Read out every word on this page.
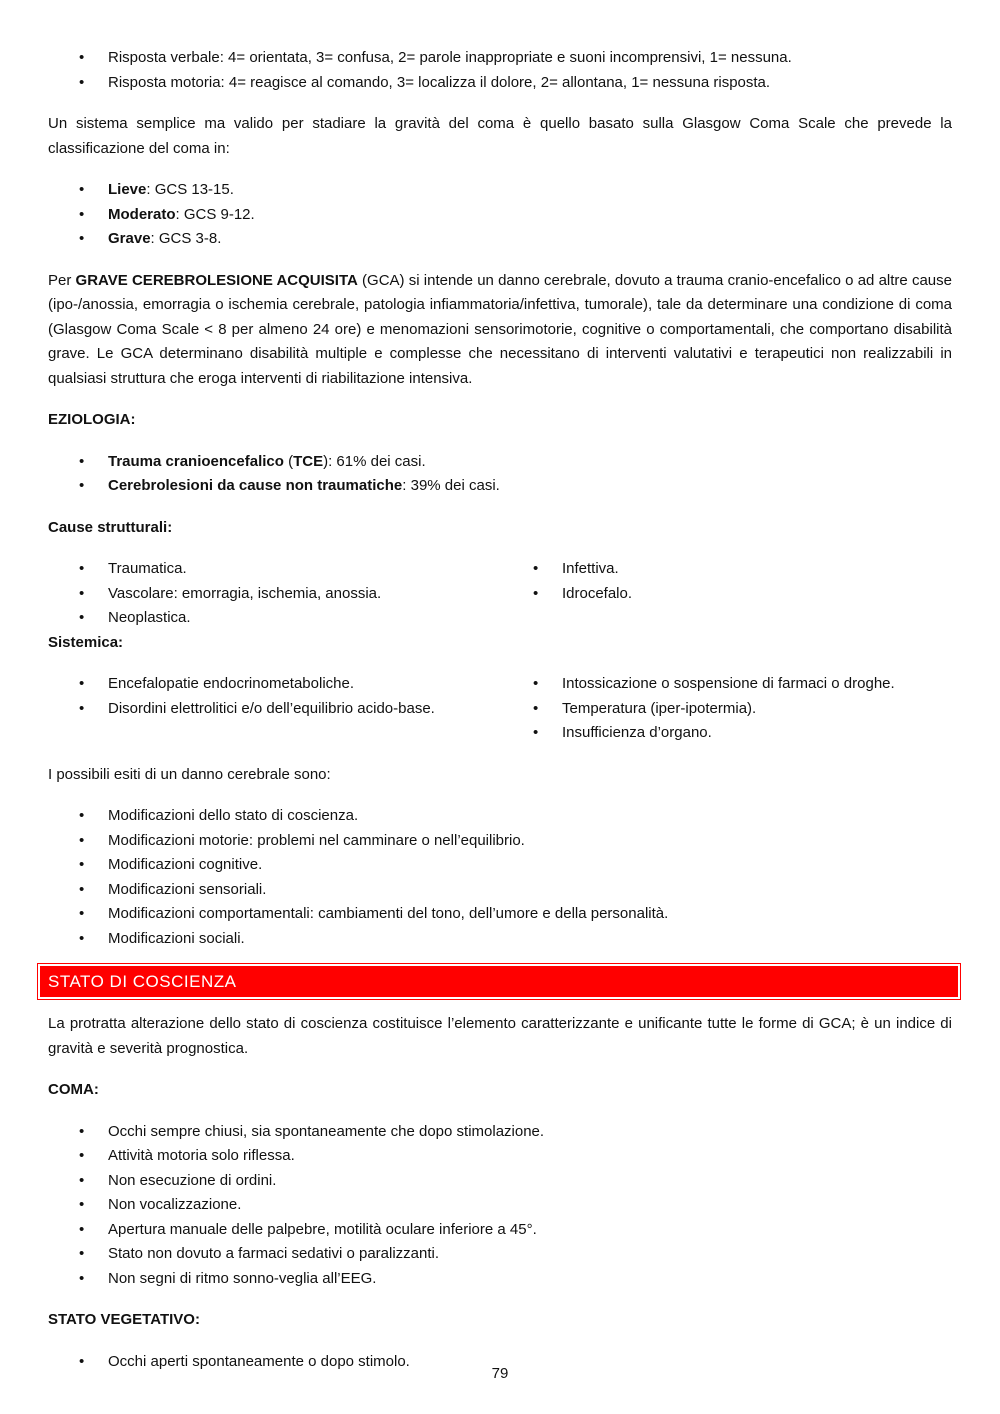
• Risposta verbale: 4= orientata, 3= confusa, 2= parole inappropriate e suoni incomprensivi, 1= nessuna.
• Risposta motoria: 4= reagisce al comando, 3= localizza il dolore, 2= allontana, 1= nessuna risposta.

Un sistema semplice ma valido per stadiare la gravità del coma è quello basato sulla Glasgow Coma Scale che prevede la classificazione del coma in:

• Lieve: GCS 13-15.
• Moderato: GCS 9-12.
• Grave: GCS 3-8.

Per GRAVE CEREBROLESIONE ACQUISITA (GCA) si intende un danno cerebrale, dovuto a trauma cranio-encefalico o ad altre cause (ipo-/anossia, emorragia o ischemia cerebrale, patologia infiammatoria/infettiva, tumorale), tale da determinare una condizione di coma (Glasgow Coma Scale < 8 per almeno 24 ore) e menomazioni sensorimotorie, cognitive o comportamentali, che comportano disabilità grave. Le GCA determinano disabilità multiple e complesse che necessitano di interventi valutativi e terapeutici non realizzabili in qualsiasi struttura che eroga interventi di riabilitazione intensiva.

EZIOLOGIA:
• Trauma cranioencefalico (TCE): 61% dei casi.
• Cerebrolesioni da cause non traumatiche: 39% dei casi.
Cause strutturali:
• Traumatica.
• Vascolare: emorragia, ischemia, anossia.
• Neoplastica.
• Infettiva.
• Idrocefalo.
Sistemica:
• Encefalopatie endocrinometaboliche.
• Disordini elettrolitici e/o dell’equilibrio acido-base.
• Intossicazione o sospensione di farmaci o droghe.
• Temperatura (iper-ipotermia).
• Insufficienza d’organo.

I possibili esiti di un danno cerebrale sono:

• Modificazioni dello stato di coscienza.
• Modificazioni motorie: problemi nel camminare o nell’equilibrio.
• Modificazioni cognitive.
• Modificazioni sensoriali.
• Modificazioni comportamentali: cambiamenti del tono, dell’umore e della personalità.
• Modificazioni sociali.
STATO DI COSCIENZA

La protratta alterazione dello stato di coscienza costituisce l’elemento caratterizzante e unificante tutte le forme di GCA; è un indice di gravità e severità prognostica.

COMA:
• Occhi sempre chiusi, sia spontaneamente che dopo stimolazione.
• Attività motoria solo riflessa.
• Non esecuzione di ordini.
• Non vocalizzazione.
• Apertura manuale delle palpebre, motilità oculare inferiore a 45°.
• Stato non dovuto a farmaci sedativi o paralizzanti.
• Non segni di ritmo sonno-veglia all’EEG.
STATO VEGETATIVO:
• Occhi aperti spontaneamente o dopo stimolo.
79
